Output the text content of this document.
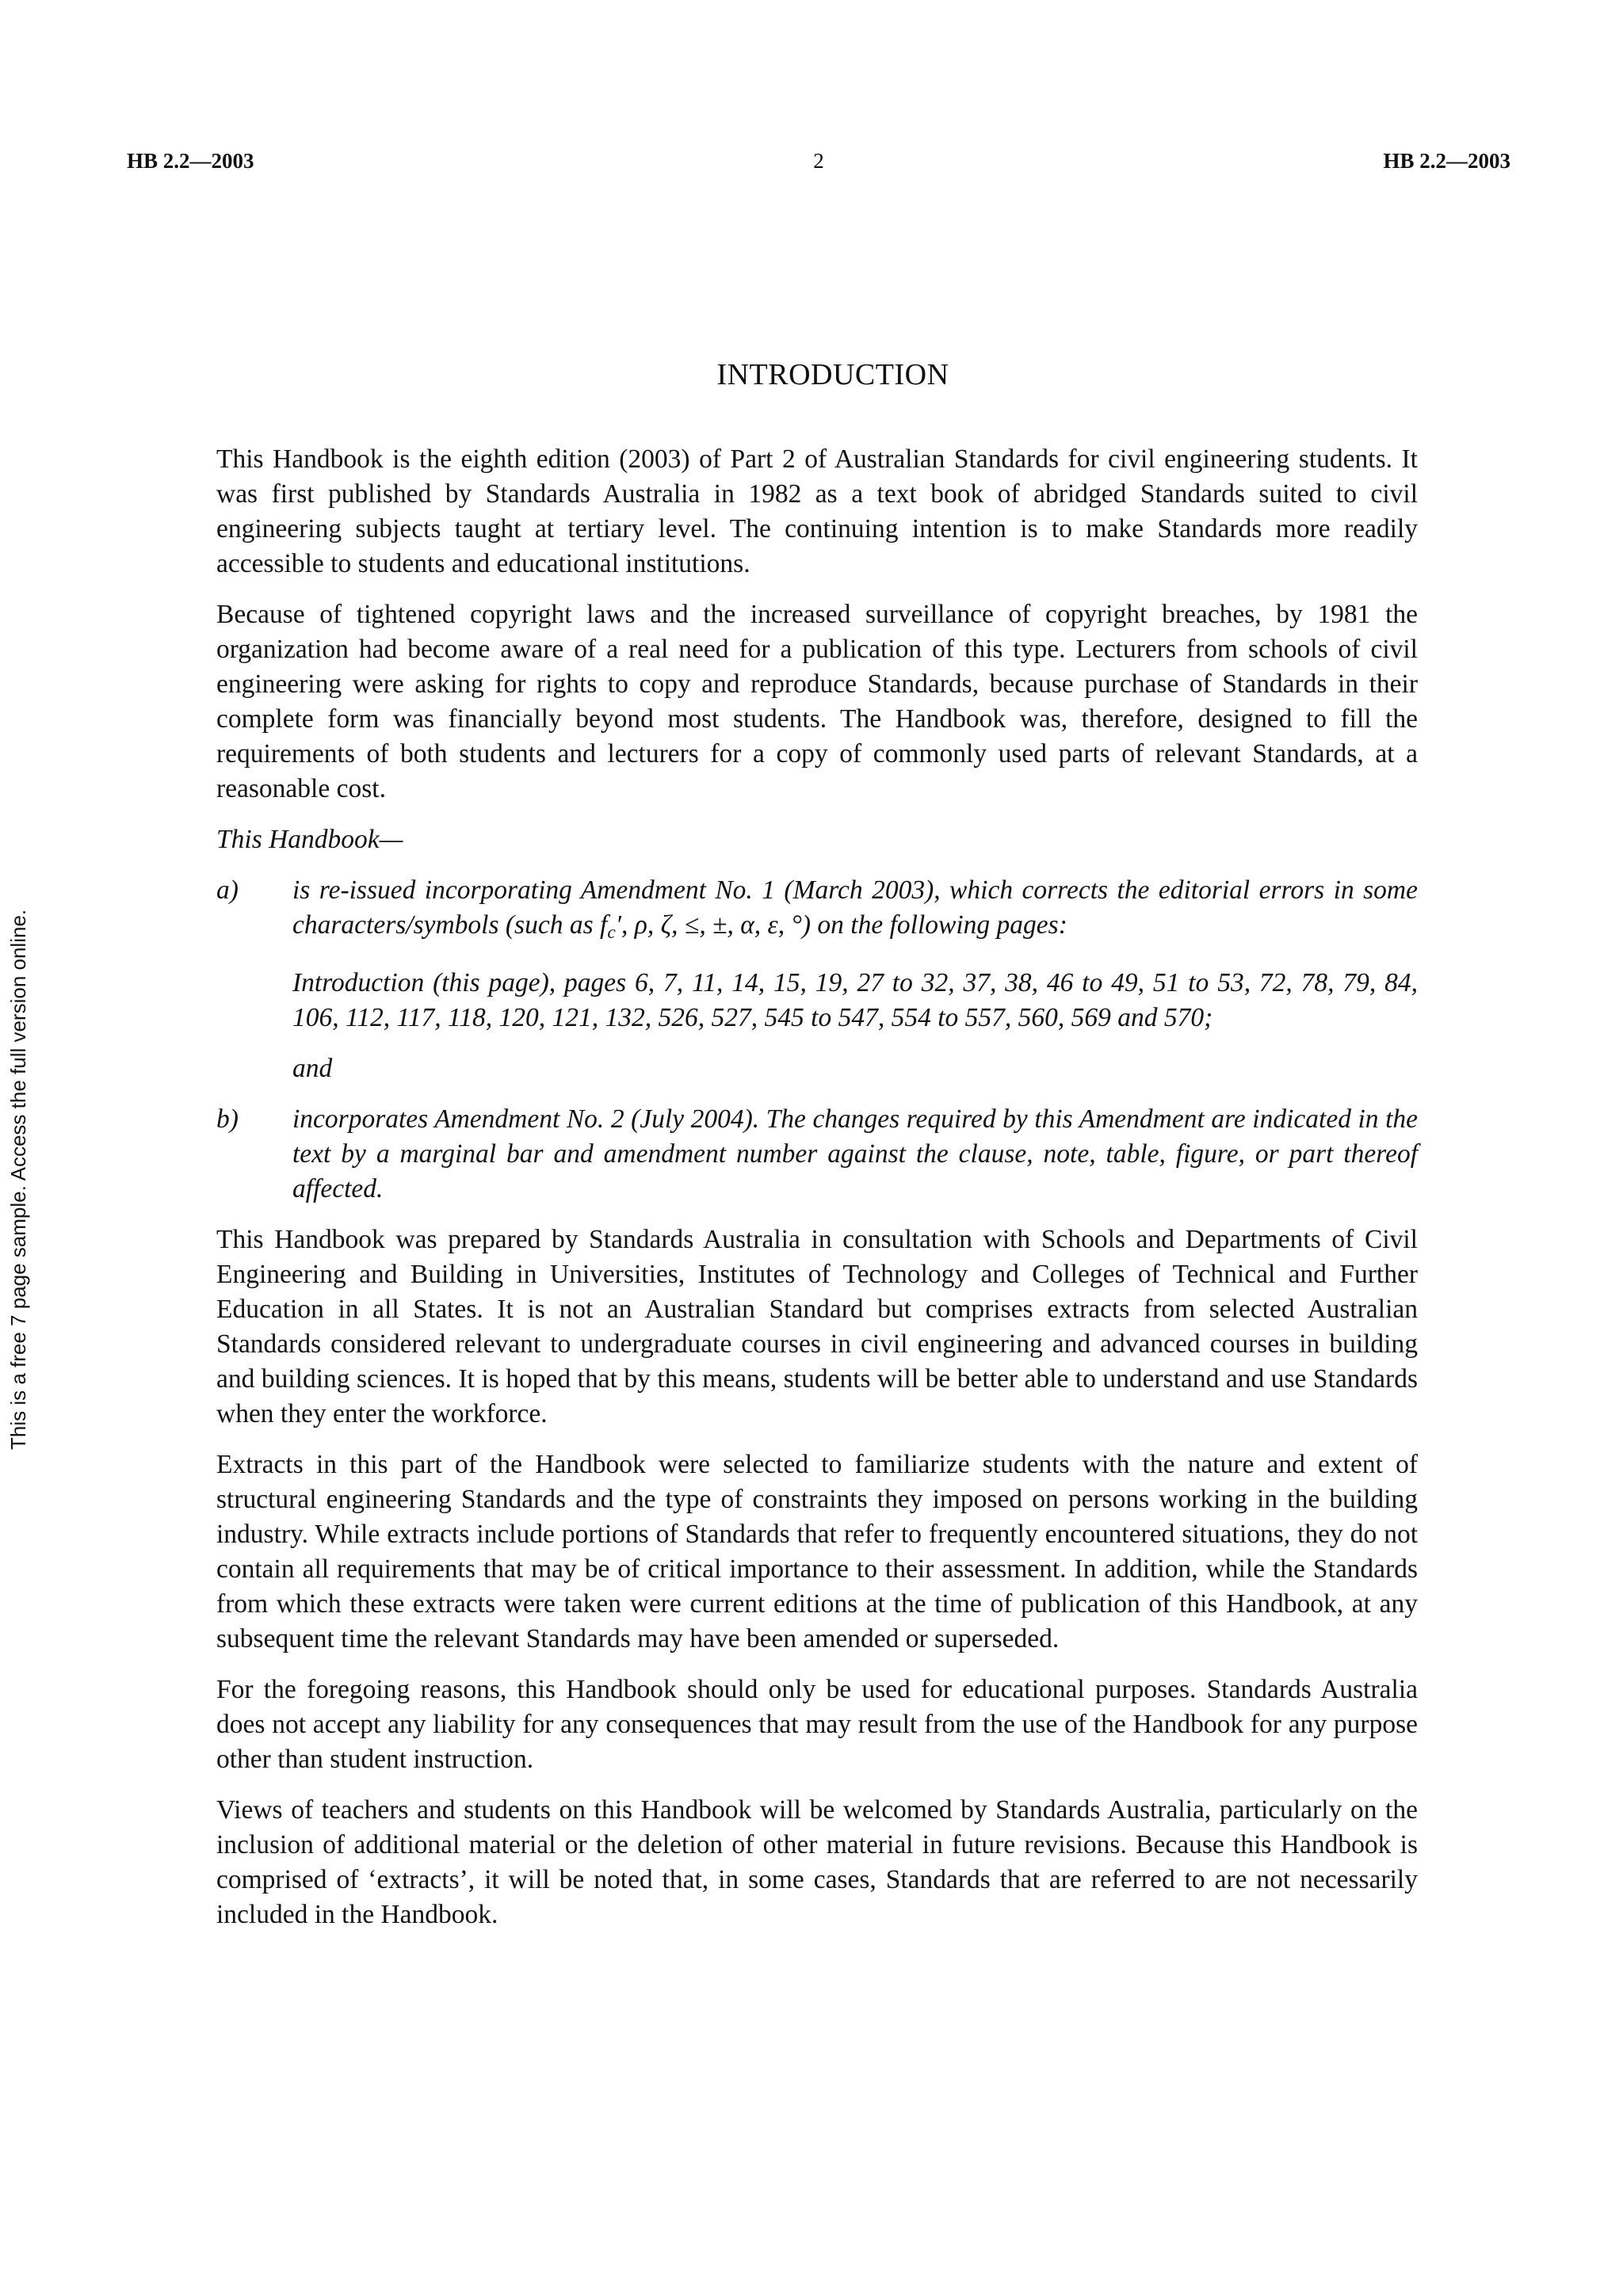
HB 2.2—2003	2	HB 2.2—2003
This is a free 7 page sample. Access the full version online.
INTRODUCTION

This Handbook is the eighth edition (2003) of Part 2 of Australian Standards for civil engineering students. It was first published by Standards Australia in 1982 as a text book of abridged Standards suited to civil engineering subjects taught at tertiary level. The continuing intention is to make Standards more readily accessible to students and educational institutions.

Because of tightened copyright laws and the increased surveillance of copyright breaches, by 1981 the organization had become aware of a real need for a publication of this type. Lecturers from schools of civil engineering were asking for rights to copy and reproduce Standards, because purchase of Standards in their complete form was financially beyond most students. The Handbook was, therefore, designed to fill the requirements of both students and lecturers for a copy of commonly used parts of relevant Standards, at a reasonable cost.

This Handbook—
a) is re-issued incorporating Amendment No. 1 (March 2003), which corrects the editorial errors in some characters/symbols (such as $f_c'$, ρ, ζ, ≤, ±, α, ε, °) on the following pages:
Introduction (this page), pages 6, 7, 11, 14, 15, 19, 27 to 32, 37, 38, 46 to 49, 51 to 53, 72, 78, 79, 84, 106, 112, 117, 118, 120, 121, 132, 526, 527, 545 to 547, 554 to 557, 560, 569 and 570;
and
b) incorporates Amendment No. 2 (July 2004). The changes required by this Amendment are indicated in the text by a marginal bar and amendment number against the clause, note, table, figure, or part thereof affected.

This Handbook was prepared by Standards Australia in consultation with Schools and Departments of Civil Engineering and Building in Universities, Institutes of Technology and Colleges of Technical and Further Education in all States. It is not an Australian Standard but comprises extracts from selected Australian Standards considered relevant to undergraduate courses in civil engineering and advanced courses in building and building sciences. It is hoped that by this means, students will be better able to understand and use Standards when they enter the workforce.

Extracts in this part of the Handbook were selected to familiarize students with the nature and extent of structural engineering Standards and the type of constraints they imposed on persons working in the building industry. While extracts include portions of Standards that refer to frequently encountered situations, they do not contain all requirements that may be of critical importance to their assessment. In addition, while the Standards from which these extracts were taken were current editions at the time of publication of this Handbook, at any subsequent time the relevant Standards may have been amended or superseded.

For the foregoing reasons, this Handbook should only be used for educational purposes. Standards Australia does not accept any liability for any consequences that may result from the use of the Handbook for any purpose other than student instruction.

Views of teachers and students on this Handbook will be welcomed by Standards Australia, particularly on the inclusion of additional material or the deletion of other material in future revisions. Because this Handbook is comprised of ‘extracts’, it will be noted that, in some cases, Standards that are referred to are not necessarily included in the Handbook.
